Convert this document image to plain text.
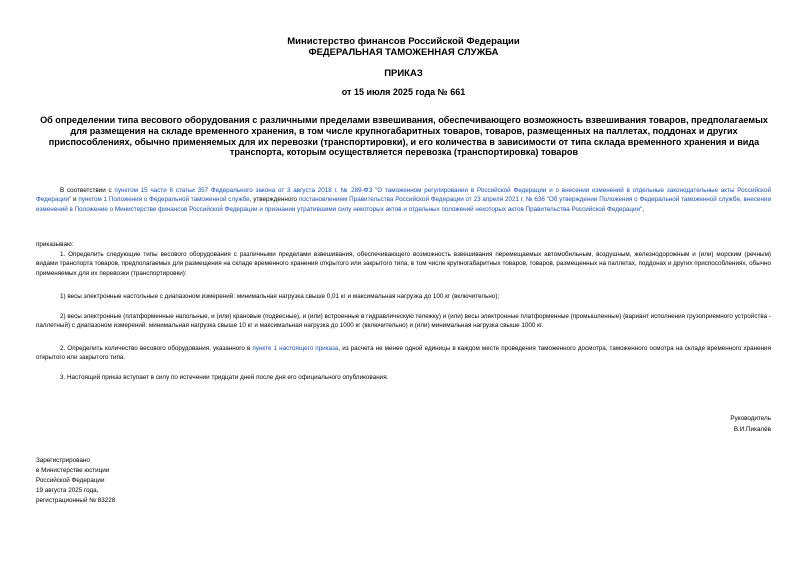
Министерство финансов Российской Федерации
ФЕДЕРАЛЬНАЯ ТАМОЖЕННАЯ СЛУЖБА
ПРИКАЗ
от 15 июля 2025 года № 661
Об определении типа весового оборудования с различными пределами взвешивания, обеспечивающего возможность взвешивания товаров, предполагаемых для размещения на складе временного хранения, в том числе крупногабаритных товаров, товаров, размещенных на паллетах, поддонах и других приспособлениях, обычно применяемых для их перевозки (транспортировки), и его количества в зависимости от типа склада временного хранения и вида транспорта, которым осуществляется перевозка (транспортировка) товаров
В соответствии с пунктом 15 части 6 статьи 357 Федерального закона от 3 августа 2018 г. № 289-ФЗ "О таможенном регулировании в Российской Федерации и о внесении изменений в отдельные законодательные акты Российской Федерации" и пунктом 1 Положения о Федеральной таможенной службе, утвержденного постановлением Правительства Российской Федерации от 23 апреля 2021 г. № 636 "Об утверждении Положения о Федеральной таможенной службе, внесении изменений в Положение о Министерстве финансов Российской Федерации и признании утратившими силу некоторых актов и отдельных положений некоторых актов Правительства Российской Федерации",
приказываю:
1. Определить следующие типы весового оборудования с различными пределами взвешивания, обеспечивающего возможность взвешивания перемещаемых автомобильным, воздушным, железнодорожным и (или) морским (речным) видами транспорта товаров, предполагаемых для размещения на складе временного хранения открытого или закрытого типа, в том числе крупногабаритных товаров, товаров, размещенных на паллетах, поддонах и других приспособлениях, обычно применяемых для их перевозки (транспортировки):
1) весы электронные настольные с диапазоном измерений: минимальная нагрузка свыше 0,01 кг и максимальная нагрузка до 100 кг (включительно);
2) весы электронные (платформенные напольные, и (или) крановые (подвесные), и (или) встроенные в гидравлическую тележку) и (или) весы электронные платформенные (промышленные) (вариант исполнения грузоприемного устройства - паллетный) с диапазоном измерений: минимальная нагрузка свыше 10 кг и максимальная нагрузка до 1000 кг (включительно) и (или) минимальная нагрузка свыше 1000 кг.
2. Определить количество весового оборудования, указанного в пункте 1 настоящего приказа, из расчета не менее одной единицы в каждом месте проведения таможенного досмотра, таможенного осмотра на складе временного хранения открытого или закрытого типа.
3. Настоящий приказ вступает в силу по истечении тридцати дней после дня его официального опубликования.
Руководитель
В.И.Пикалёв
Зарегистрировано
в Министерстве юстиции
Российской Федерации
19 августа 2025 года,
регистрационный № 83228
